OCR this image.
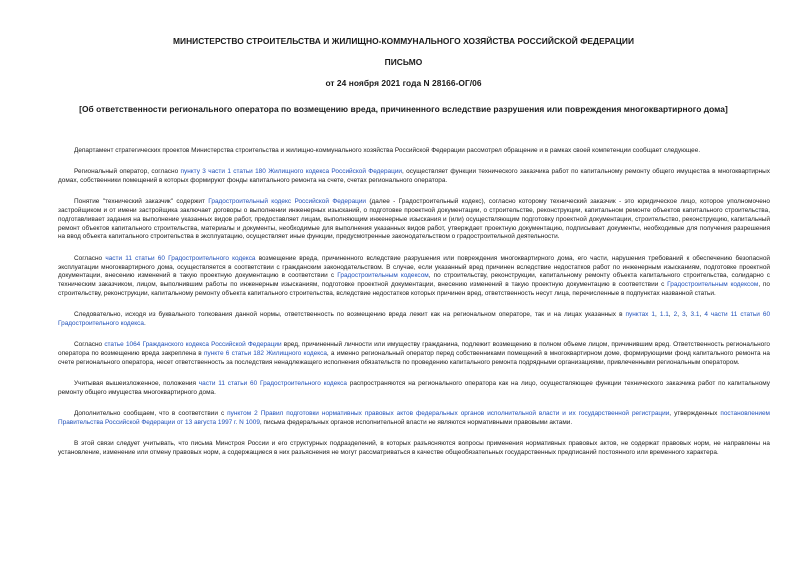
МИНИСТЕРСТВО СТРОИТЕЛЬСТВА И ЖИЛИЩНО-КОММУНАЛЬНОГО ХОЗЯЙСТВА РОССИЙСКОЙ ФЕДЕРАЦИИ
ПИСЬМО
от 24 ноября 2021 года N 28166-ОГ/06
[Об ответственности регионального оператора по возмещению вреда, причиненного вследствие разрушения или повреждения многоквартирного дома]

Департамент стратегических проектов Министерства строительства и жилищно-коммунального хозяйства Российской Федерации рассмотрел обращение и в рамках своей компетенции сообщает следующее.

Региональный оператор, согласно пункту 3 части 1 статьи 180 Жилищного кодекса Российской Федерации, осуществляет функции технического заказчика работ по капитальному ремонту общего имущества в многоквартирных домах, собственники помещений в которых формируют фонды капитального ремонта на счете, счетах регионального оператора.

Понятие "технический заказчик" содержит Градостроительный кодекс Российской Федерации (далее - Градостроительный кодекс), согласно которому технический заказчик - это юридическое лицо, которое уполномочено застройщиком и от имени застройщика заключает договоры о выполнении инженерных изысканий, о подготовке проектной документации, о строительстве, реконструкции, капитальном ремонте объектов капитального строительства, подготавливает задания на выполнение указанных видов работ, предоставляет лицам, выполняющим инженерные изыскания и (или) осуществляющим подготовку проектной документации, строительство, реконструкцию, капитальный ремонт объектов капитального строительства, материалы и документы, необходимые для выполнения указанных видов работ, утверждает проектную документацию, подписывает документы, необходимые для получения разрешения на ввод объекта капитального строительства в эксплуатацию, осуществляет иные функции, предусмотренные законодательством о градостроительной деятельности.

Согласно части 11 статьи 60 Градостроительного кодекса возмещение вреда, причиненного вследствие разрушения или повреждения многоквартирного дома, его части, нарушения требований к обеспечению безопасной эксплуатации многоквартирного дома, осуществляется в соответствии с гражданским законодательством. В случае, если указанный вред причинен вследствие недостатков работ по инженерным изысканиям, подготовке проектной документации, внесению изменений в такую проектную документацию в соответствии с Градостроительным кодексом, по строительству, реконструкции, капитальному ремонту объекта капитального строительства, солидарно с техническим заказчиком, лицом, выполнившим работы по инженерным изысканиям, подготовке проектной документации, внесению изменений в такую проектную документацию в соответствии с Градостроительным кодексом, по строительству, реконструкции, капитальному ремонту объекта капитального строительства, вследствие недостатков которых причинен вред, ответственность несут лица, перечисленные в подпунктах названной статьи.

Следовательно, исходя из буквального толкования данной нормы, ответственность по возмещению вреда лежит как на региональном операторе, так и на лицах указанных в пунктах 1, 1.1, 2, 3, 3.1, 4 части 11 статьи 60 Градостроительного кодекса.

Согласно статье 1064 Гражданского кодекса Российской Федерации вред, причиненный личности или имуществу гражданина, подлежит возмещению в полном объеме лицом, причинившим вред. Ответственность регионального оператора по возмещению вреда закреплена в пункте 6 статьи 182 Жилищного кодекса, а именно региональный оператор перед собственниками помещений в многоквартирном доме, формирующими фонд капитального ремонта на счете регионального оператора, несет ответственность за последствия ненадлежащего исполнения обязательств по проведению капитального ремонта подрядными организациями, привлеченными региональным оператором.

Учитывая вышеизложенное, положения части 11 статьи 60 Градостроительного кодекса распространяются на регионального оператора как на лицо, осуществляющее функции технического заказчика работ по капитальному ремонту общего имущества многоквартирного дома.

Дополнительно сообщаем, что в соответствии с пунктом 2 Правил подготовки нормативных правовых актов федеральных органов исполнительной власти и их государственной регистрации, утвержденных постановлением Правительства Российской Федерации от 13 августа 1997 г. N 1009, письма федеральных органов исполнительной власти не являются нормативными правовыми актами.

В этой связи следует учитывать, что письма Минстроя России и его структурных подразделений, в которых разъясняются вопросы применения нормативных правовых актов, не содержат правовых норм, не направлены на установление, изменение или отмену правовых норм, а содержащиеся в них разъяснения не могут рассматриваться в качестве общеобязательных государственных предписаний постоянного или временного характера.
